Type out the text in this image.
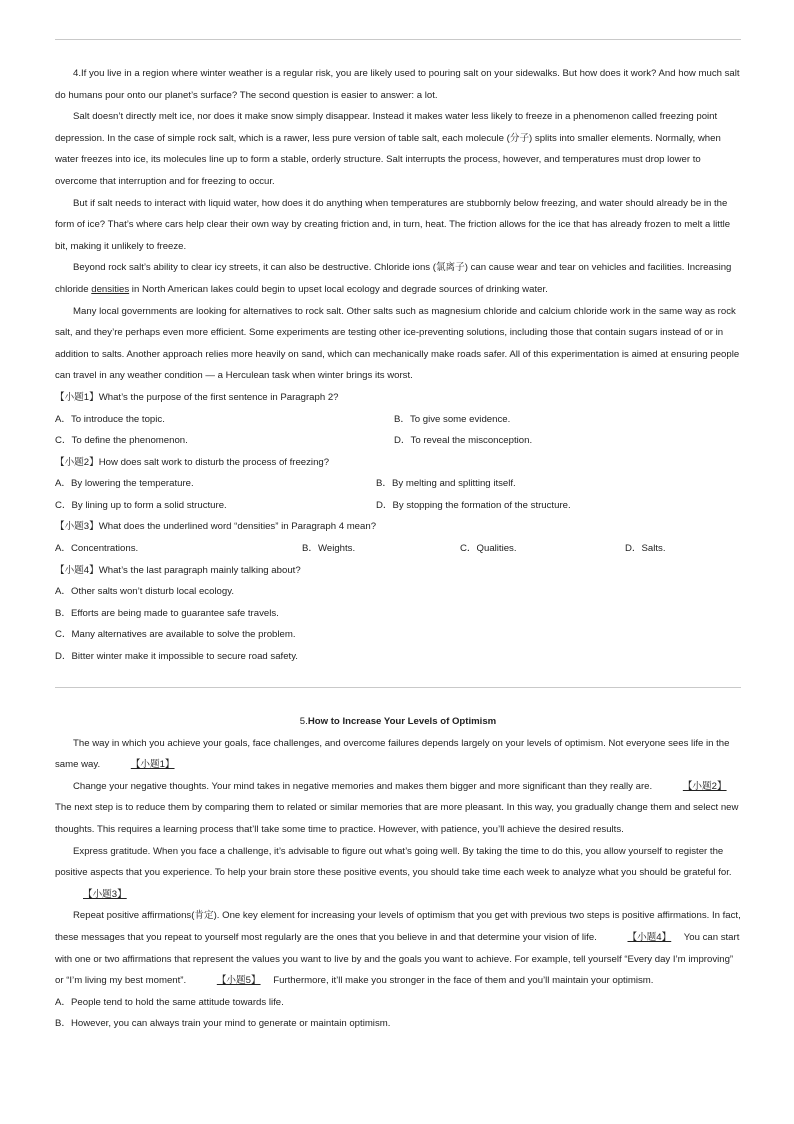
4.If you live in a region where winter weather is a regular risk, you are likely used to pouring salt on your sidewalks. But how does it work? And how much salt do humans pour onto our planet’s surface? The second question is easier to answer: a lot.

Salt doesn’t directly melt ice, nor does it make snow simply disappear. Instead it makes water less likely to freeze in a phenomenon called freezing point depression. In the case of simple rock salt, which is a rawer, less pure version of table salt, each molecule (分子) splits into smaller elements. Normally, when water freezes into ice, its molecules line up to form a stable, orderly structure. Salt interrupts the process, however, and temperatures must drop lower to overcome that interruption and for freezing to occur.

But if salt needs to interact with liquid water, how does it do anything when temperatures are stubbornly below freezing, and water should already be in the form of ice? That’s where cars help clear their own way by creating friction and, in turn, heat. The friction allows for the ice that has already frozen to melt a little bit, making it unlikely to freeze.

Beyond rock salt’s ability to clear icy streets, it can also be destructive. Chloride ions (氯离子) can cause wear and tear on vehicles and facilities. Increasing chloride densities in North American lakes could begin to upset local ecology and degrade sources of drinking water.

Many local governments are looking for alternatives to rock salt. Other salts such as magnesium chloride and calcium chloride work in the same way as rock salt, and they’re perhaps even more efficient. Some experiments are testing other ice-preventing solutions, including those that contain sugars instead of or in addition to salts. Another approach relies more heavily on sand, which can mechanically make roads safer. All of this experimentation is aimed at ensuring people can travel in any weather condition — a Herculean task when winter brings its worst.

【小题1】What’s the purpose of the first sentence in Paragraph 2?

A．To introduce the topic.	B．To give some evidence.
C．To define the phenomenon.	D．To reveal the misconception.

【小题2】How does salt work to disturb the process of freezing?

A．By lowering the temperature.	B．By melting and splitting itself.
C．By lining up to form a solid structure.	D．By stopping the formation of the structure.

【小题3】What does the underlined word “densities” in Paragraph 4 mean?

A．Concentrations.	B．Weights.	C．Qualities.	D．Salts.

【小题4】What’s the last paragraph mainly talking about?

A．Other salts won’t disturb local ecology.

B．Efforts are being made to guarantee safe travels.

C．Many alternatives are available to solve the problem.

D．Bitter winter make it impossible to secure road safety.

5.How to Increase Your Levels of Optimism

The way in which you achieve your goals, face challenges, and overcome failures depends largely on your levels of optimism. Not everyone sees life in the same way.	【小题1】

Change your negative thoughts. Your mind takes in negative memories and makes them bigger and more significant than they really are.	【小题2】 The next step is to reduce them by comparing them to related or similar memories that are more pleasant. In this way, you gradually change them and select new thoughts. This requires a learning process that’ll take some time to practice. However, with patience, you’ll achieve the desired results.

Express gratitude. When you face a challenge, it’s advisable to figure out what’s going well. By taking the time to do this, you allow yourself to register the positive aspects that you experience. To help your brain store these positive events, you should take time each week to analyze what you should be grateful for. 【小题3】

Repeat positive affirmations(肯定). One key element for increasing your levels of optimism that you get with previous two steps is positive affirmations. In fact, these messages that you repeat to yourself most regularly are the ones that you believe in and that determine your vision of life.	【小题4】 You can start with one or two affirmations that represent the values you want to live by and the goals you want to achieve. For example, tell yourself “Every day I’m improving” or “I’m living my best moment”.	【小题5】 Furthermore, it’ll make you stronger in the face of them and you’ll maintain your optimism.

A．People tend to hold the same attitude towards life.

B．However, you can always train your mind to generate or maintain optimism.
